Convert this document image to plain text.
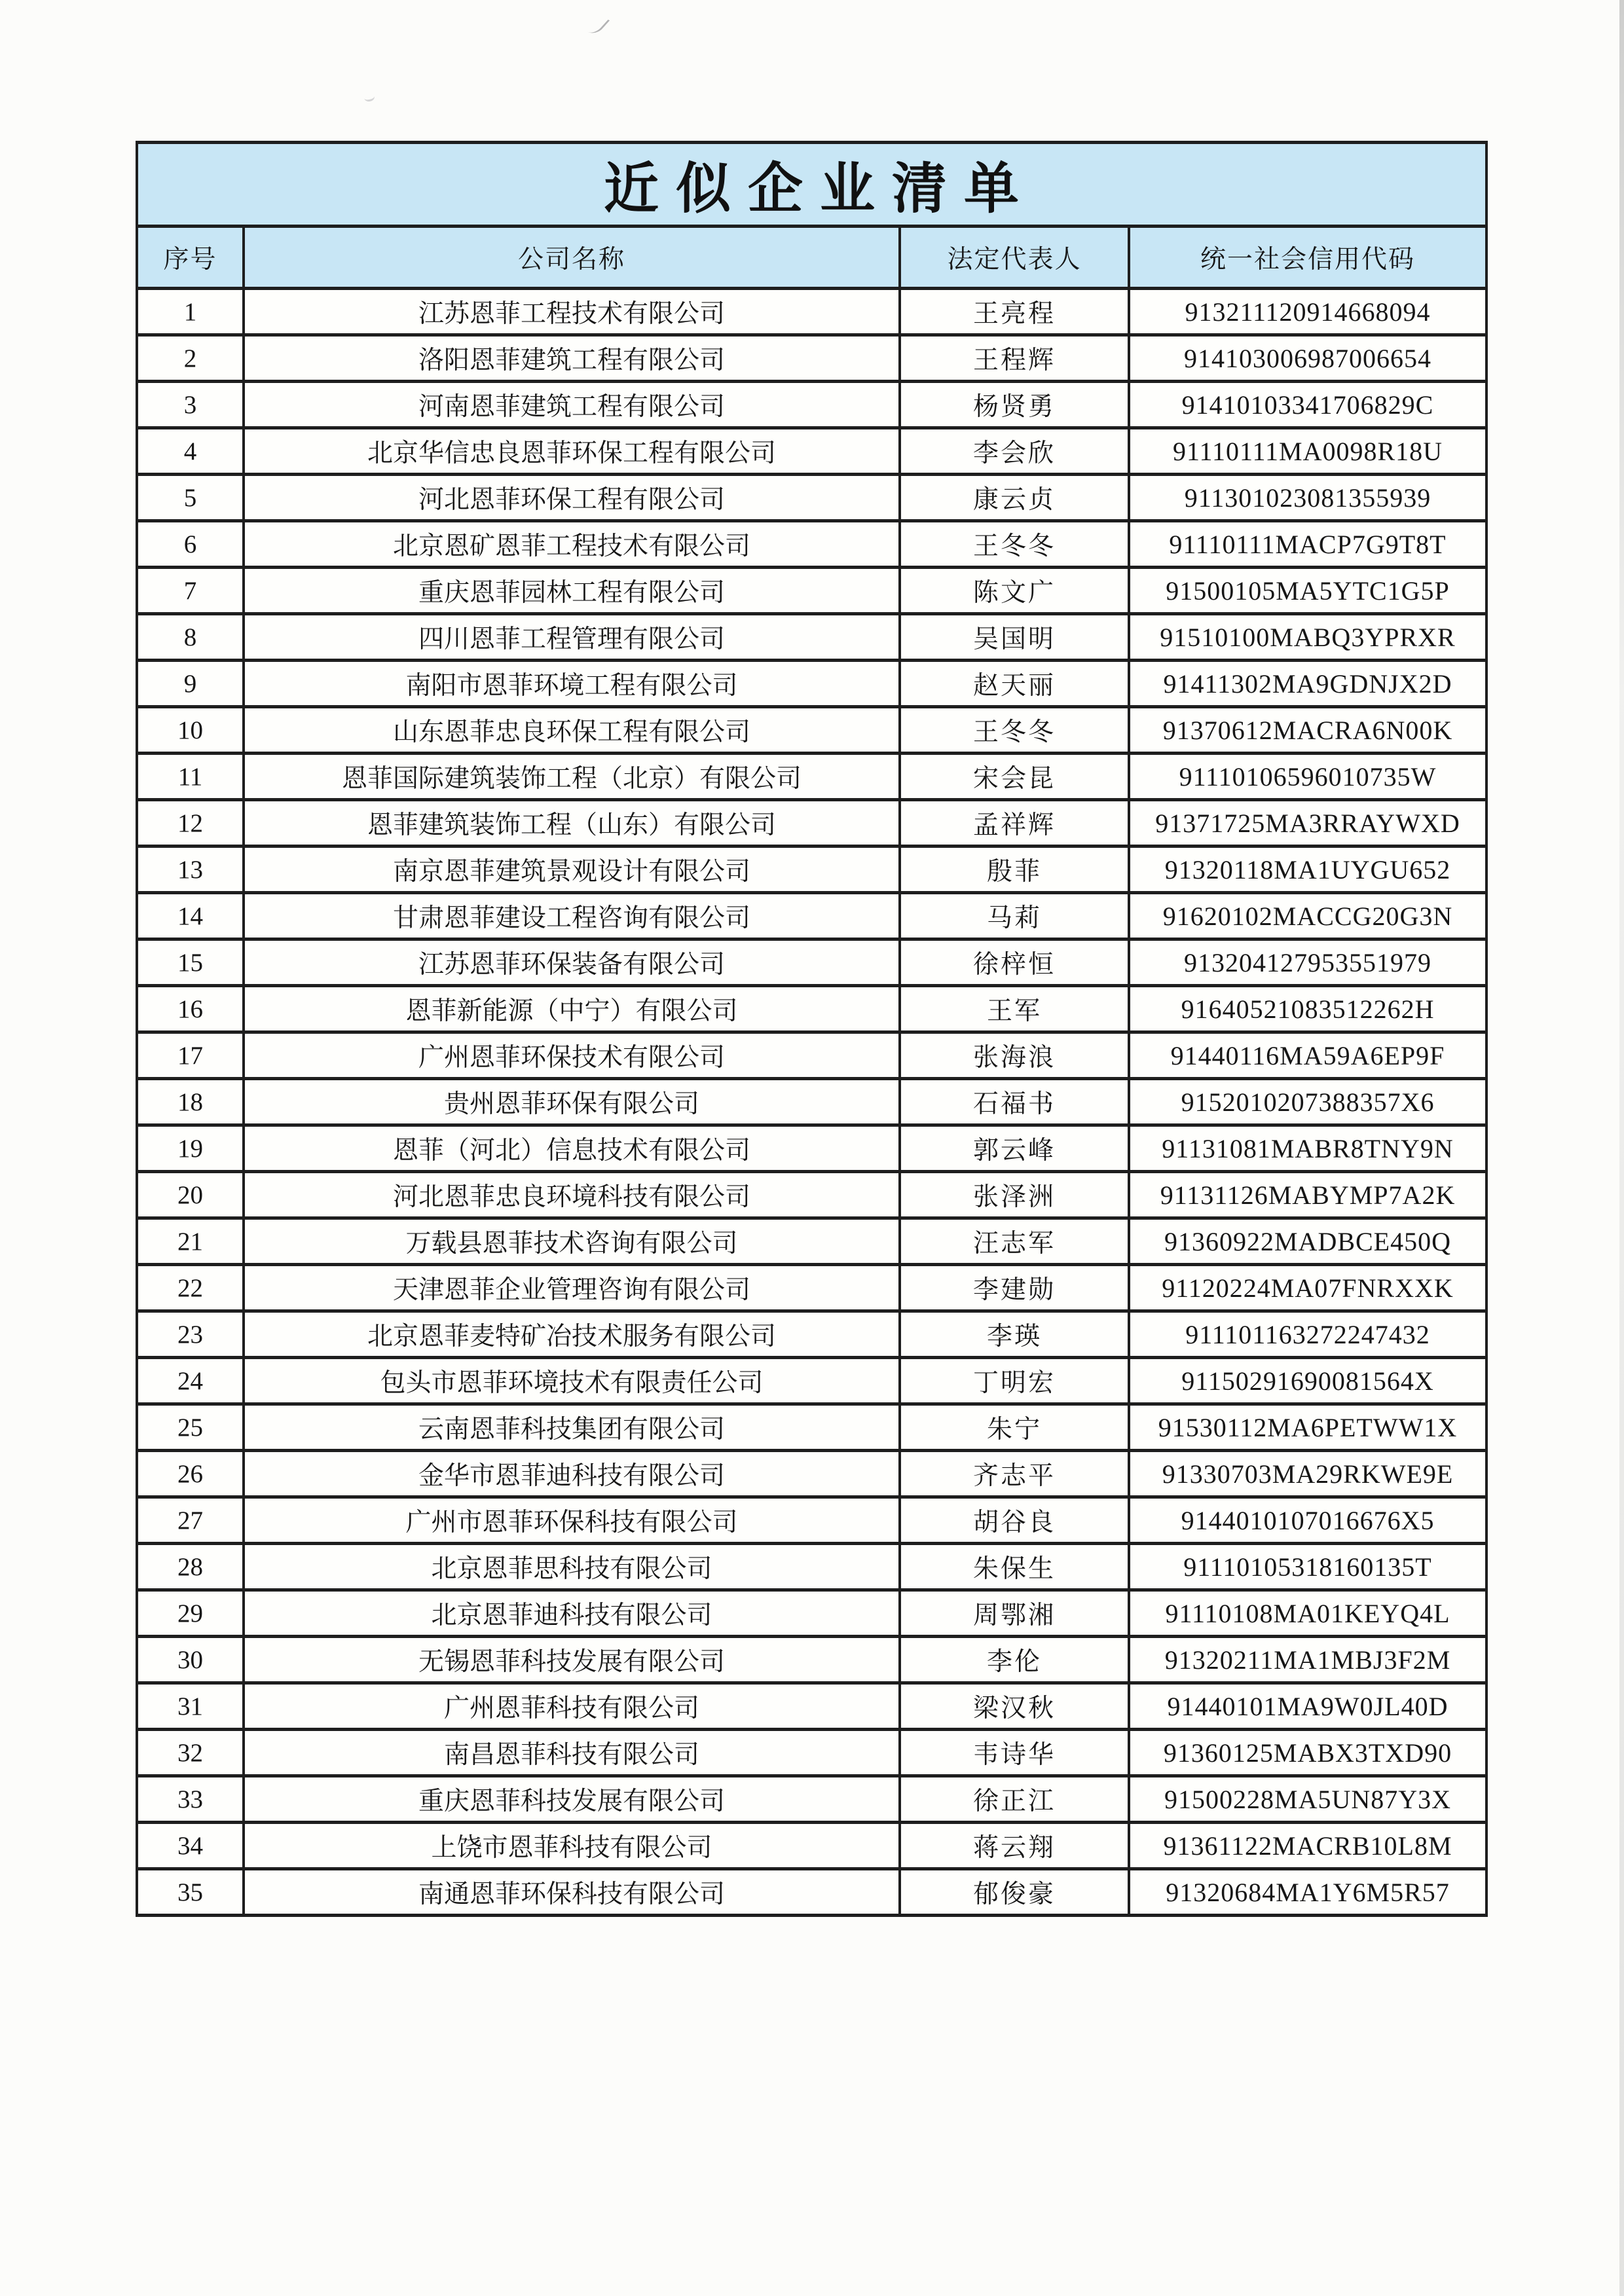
近似企业清单			
序号	公司名称	法定代表人	统一社会信用代码
1	江苏恩菲工程技术有限公司	王亮程	913211120914668094
2	洛阳恩菲建筑工程有限公司	王程辉	914103006987006654
3	河南恩菲建筑工程有限公司	杨贤勇	91410103341706829C
4	北京华信忠良恩菲环保工程有限公司	李会欣	91110111MA0098R18U
5	河北恩菲环保工程有限公司	康云贞	911301023081355939
6	北京恩矿恩菲工程技术有限公司	王冬冬	91110111MACP7G9T8T
7	重庆恩菲园林工程有限公司	陈文广	91500105MA5YTC1G5P
8	四川恩菲工程管理有限公司	吴国明	91510100MABQ3YPRXR
9	南阳市恩菲环境工程有限公司	赵天丽	91411302MA9GDNJX2D
10	山东恩菲忠良环保工程有限公司	王冬冬	91370612MACRA6N00K
11	恩菲国际建筑装饰工程（北京）有限公司	宋会昆	91110106596010735W
12	恩菲建筑装饰工程（山东）有限公司	孟祥辉	91371725MA3RRAYWXD
13	南京恩菲建筑景观设计有限公司	殷菲	91320118MA1UYGU652
14	甘肃恩菲建设工程咨询有限公司	马莉	91620102MACCG20G3N
15	江苏恩菲环保装备有限公司	徐梓恒	913204127953551979
16	恩菲新能源（中宁）有限公司	王军	91640521083512262H
17	广州恩菲环保技术有限公司	张海浪	91440116MA59A6EP9F
18	贵州恩菲环保有限公司	石福书	9152010207388357X6
19	恩菲（河北）信息技术有限公司	郭云峰	91131081MABR8TNY9N
20	河北恩菲忠良环境科技有限公司	张泽洲	91131126MABYMP7A2K
21	万载县恩菲技术咨询有限公司	汪志军	91360922MADBCE450Q
22	天津恩菲企业管理咨询有限公司	李建勋	91120224MA07FNRXXK
23	北京恩菲麦特矿冶技术服务有限公司	李瑛	911101163272247432
24	包头市恩菲环境技术有限责任公司	丁明宏	91150291690081564X
25	云南恩菲科技集团有限公司	朱宁	91530112MA6PETWW1X
26	金华市恩菲迪科技有限公司	齐志平	91330703MA29RKWE9E
27	广州市恩菲环保科技有限公司	胡谷良	9144010107016676X5
28	北京恩菲思科技有限公司	朱保生	91110105318160135T
29	北京恩菲迪科技有限公司	周鄂湘	91110108MA01KEYQ4L
30	无锡恩菲科技发展有限公司	李伦	91320211MA1MBJ3F2M
31	广州恩菲科技有限公司	梁汉秋	91440101MA9W0JL40D
32	南昌恩菲科技有限公司	韦诗华	91360125MABX3TXD90
33	重庆恩菲科技发展有限公司	徐正江	91500228MA5UN87Y3X
34	上饶市恩菲科技有限公司	蒋云翔	91361122MACRB10L8M
35	南通恩菲环保科技有限公司	郁俊豪	91320684MA1Y6M5R57
